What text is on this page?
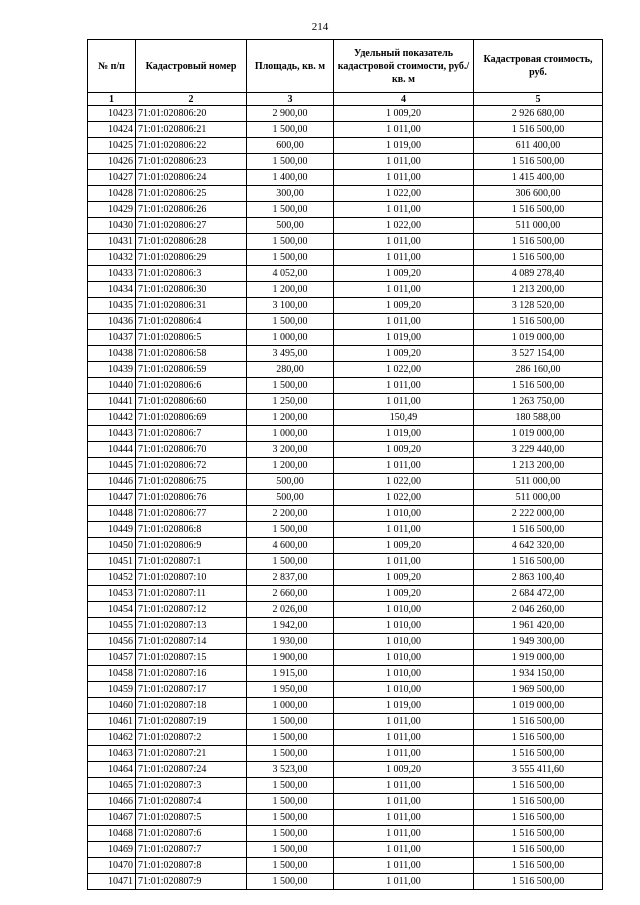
214
№ п/п	Кадастровый номер	Площадь, кв. м	Удельный показатель кадастровой стоимости, руб./кв. м	Кадастровая стоимость, руб.
1	2	3	4	5
10423	71:01:020806:20	2 900,00	1 009,20	2 926 680,00
10424	71:01:020806:21	1 500,00	1 011,00	1 516 500,00
10425	71:01:020806:22	600,00	1 019,00	611 400,00
10426	71:01:020806:23	1 500,00	1 011,00	1 516 500,00
10427	71:01:020806:24	1 400,00	1 011,00	1 415 400,00
10428	71:01:020806:25	300,00	1 022,00	306 600,00
10429	71:01:020806:26	1 500,00	1 011,00	1 516 500,00
10430	71:01:020806:27	500,00	1 022,00	511 000,00
10431	71:01:020806:28	1 500,00	1 011,00	1 516 500,00
10432	71:01:020806:29	1 500,00	1 011,00	1 516 500,00
10433	71:01:020806:3	4 052,00	1 009,20	4 089 278,40
10434	71:01:020806:30	1 200,00	1 011,00	1 213 200,00
10435	71:01:020806:31	3 100,00	1 009,20	3 128 520,00
10436	71:01:020806:4	1 500,00	1 011,00	1 516 500,00
10437	71:01:020806:5	1 000,00	1 019,00	1 019 000,00
10438	71:01:020806:58	3 495,00	1 009,20	3 527 154,00
10439	71:01:020806:59	280,00	1 022,00	286 160,00
10440	71:01:020806:6	1 500,00	1 011,00	1 516 500,00
10441	71:01:020806:60	1 250,00	1 011,00	1 263 750,00
10442	71:01:020806:69	1 200,00	150,49	180 588,00
10443	71:01:020806:7	1 000,00	1 019,00	1 019 000,00
10444	71:01:020806:70	3 200,00	1 009,20	3 229 440,00
10445	71:01:020806:72	1 200,00	1 011,00	1 213 200,00
10446	71:01:020806:75	500,00	1 022,00	511 000,00
10447	71:01:020806:76	500,00	1 022,00	511 000,00
10448	71:01:020806:77	2 200,00	1 010,00	2 222 000,00
10449	71:01:020806:8	1 500,00	1 011,00	1 516 500,00
10450	71:01:020806:9	4 600,00	1 009,20	4 642 320,00
10451	71:01:020807:1	1 500,00	1 011,00	1 516 500,00
10452	71:01:020807:10	2 837,00	1 009,20	2 863 100,40
10453	71:01:020807:11	2 660,00	1 009,20	2 684 472,00
10454	71:01:020807:12	2 026,00	1 010,00	2 046 260,00
10455	71:01:020807:13	1 942,00	1 010,00	1 961 420,00
10456	71:01:020807:14	1 930,00	1 010,00	1 949 300,00
10457	71:01:020807:15	1 900,00	1 010,00	1 919 000,00
10458	71:01:020807:16	1 915,00	1 010,00	1 934 150,00
10459	71:01:020807:17	1 950,00	1 010,00	1 969 500,00
10460	71:01:020807:18	1 000,00	1 019,00	1 019 000,00
10461	71:01:020807:19	1 500,00	1 011,00	1 516 500,00
10462	71:01:020807:2	1 500,00	1 011,00	1 516 500,00
10463	71:01:020807:21	1 500,00	1 011,00	1 516 500,00
10464	71:01:020807:24	3 523,00	1 009,20	3 555 411,60
10465	71:01:020807:3	1 500,00	1 011,00	1 516 500,00
10466	71:01:020807:4	1 500,00	1 011,00	1 516 500,00
10467	71:01:020807:5	1 500,00	1 011,00	1 516 500,00
10468	71:01:020807:6	1 500,00	1 011,00	1 516 500,00
10469	71:01:020807:7	1 500,00	1 011,00	1 516 500,00
10470	71:01:020807:8	1 500,00	1 011,00	1 516 500,00
10471	71:01:020807:9	1 500,00	1 011,00	1 516 500,00
